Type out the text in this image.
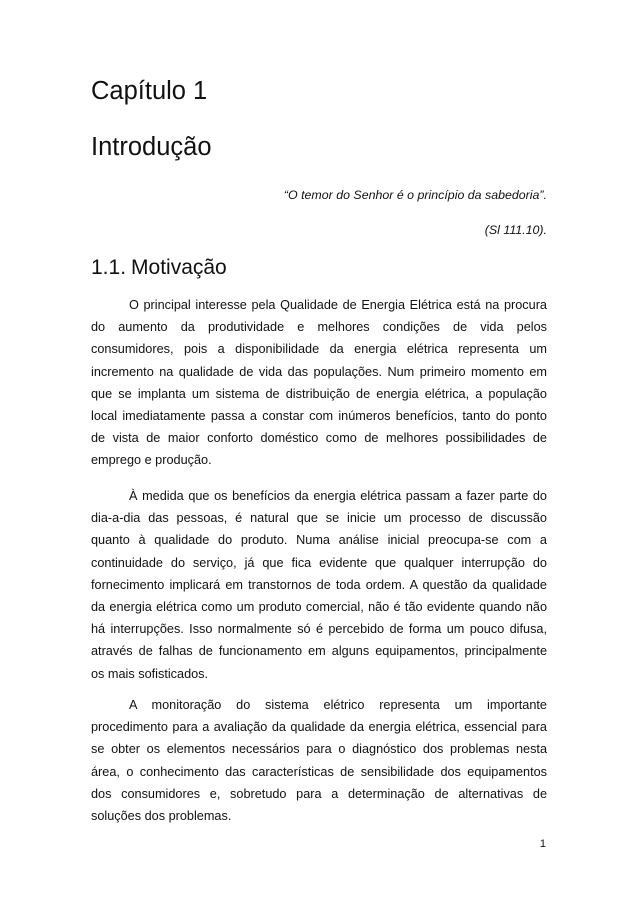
Capítulo 1
Introdução
“O temor do Senhor é o princípio da sabedoria”.
(Sl 111.10).
1.1. Motivação
O principal interesse pela Qualidade de Energia Elétrica está na procura
do aumento da produtividade e melhores condições de vida pelos
consumidores, pois a disponibilidade da energia elétrica representa um
incremento na qualidade de vida das populações. Num primeiro momento em
que se implanta um sistema de distribuição de energia elétrica, a população
local imediatamente passa a constar com inúmeros benefícios, tanto do ponto
de vista de maior conforto doméstico como de melhores possibilidades de
emprego e produção.
À medida que os benefícios da energia elétrica passam a fazer parte do
dia-a-dia das pessoas, é natural que se inicie um processo de discussão
quanto à qualidade do produto. Numa análise inicial preocupa-se com a
continuidade do serviço, já que fica evidente que qualquer interrupção do
fornecimento implicará em transtornos de toda ordem. A questão da qualidade
da energia elétrica como um produto comercial, não é tão evidente quando não
há interrupções. Isso normalmente só é percebido de forma um pouco difusa,
através de falhas de funcionamento em alguns equipamentos, principalmente
os mais sofisticados.
A monitoração do sistema elétrico representa um importante
procedimento para a avaliação da qualidade da energia elétrica, essencial para
se obter os elementos necessários para o diagnóstico dos problemas nesta
área, o conhecimento das características de sensibilidade dos equipamentos
dos consumidores e, sobretudo para a determinação de alternativas de
soluções dos problemas.
1
